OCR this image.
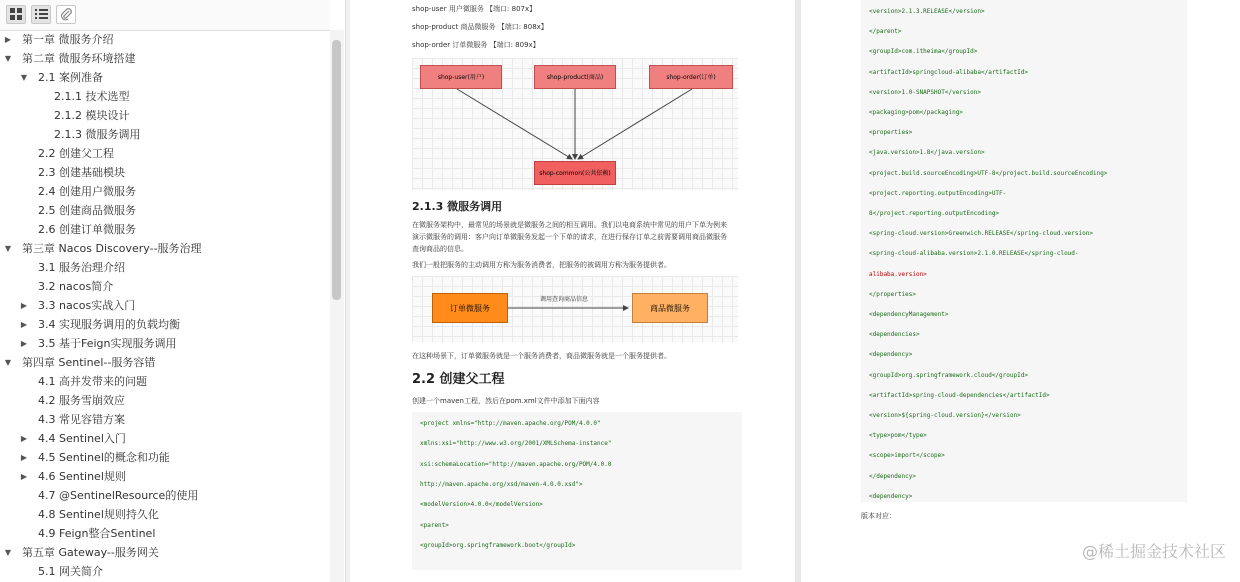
▶ 第一章 微服务介绍
▼ 第二章 微服务环境搭建
▼ 2.1 案例准备
2.1.1 技术选型
2.1.2 模块设计
2.1.3 微服务调用
2.2 创建父工程
2.3 创建基础模块
2.4 创建用户微服务
2.5 创建商品微服务
2.6 创建订单微服务
▼ 第三章 Nacos Discovery--服务治理
3.1 服务治理介绍
3.2 nacos简介
▶ 3.3 nacos实战入门
▶ 3.4 实现服务调用的负载均衡
▶ 3.5 基于Feign实现服务调用
▼ 第四章 Sentinel--服务容错
4.1 高并发带来的问题
4.2 服务雪崩效应
4.3 常见容错方案
▶ 4.4 Sentinel入门
▶ 4.5 Sentinel的概念和功能
▶ 4.6 Sentinel规则
4.7 @SentinelResource的使用
4.8 Sentinel规则持久化
4.9 Feign整合Sentinel
▼ 第五章 Gateway--服务网关
5.1 网关简介
shop-user 用户微服务 【端口: 807x】
shop-product 商品微服务 【端口: 808x】
shop-order 订单微服务 【端口: 809x】
shop-user(用户)	shop-product(商品)	shop-order(订单)
shop-common(公共依赖)
2.1.3 微服务调用
在微服务架构中，最常见的场景就是微服务之间的相互调用。我们以电商系统中常见的用户下单为例来
演示微服务的调用：客户向订单微服务发起一个下单的请求，在进行保存订单之前需要调用商品微服务
查询商品的信息。
我们一般把服务的主动调用方称为服务消费者，把服务的被调用方称为服务提供者。
订单微服务	商品微服务
调用查询商品信息
在这种场景下，订单微服务就是一个服务消费者，商品微服务就是一个服务提供者。
2.2 创建父工程
创建一个maven工程，然后在pom.xml文件中添加下面内容
<project xmlns="http://maven.apache.org/POM/4.0.0"
xmlns:xsi="http://www.w3.org/2001/XMLSchema-instance"
xsi:schemaLocation="http://maven.apache.org/POM/4.0.0
http://maven.apache.org/xsd/maven-4.0.0.xsd">
<modelVersion>4.0.0</modelVersion>
<parent>
<groupId>org.springframework.boot</groupId>
<version>2.1.3.RELEASE</version>
</parent>
<groupId>com.itheima</groupId>
<artifactId>springcloud-alibaba</artifactId>
<version>1.0-SNAPSHOT</version>
<packaging>pom</packaging>
<properties>
<java.version>1.8</java.version>
<project.build.sourceEncoding>UTF-8</project.build.sourceEncoding>
<project.reporting.outputEncoding>UTF-
8</project.reporting.outputEncoding>
<spring-cloud.version>Greenwich.RELEASE</spring-cloud.version>
<spring-cloud-alibaba.version>2.1.0.RELEASE</spring-cloud-
alibaba.version>
</properties>
<dependencyManagement>
<dependencies>
<dependency>
<groupId>org.springframework.cloud</groupId>
<artifactId>spring-cloud-dependencies</artifactId>
<version>${spring-cloud.version}</version>
<type>pom</type>
<scope>import</scope>
</dependency>
<dependency>
版本对应：
@稀土掘金技术社区
